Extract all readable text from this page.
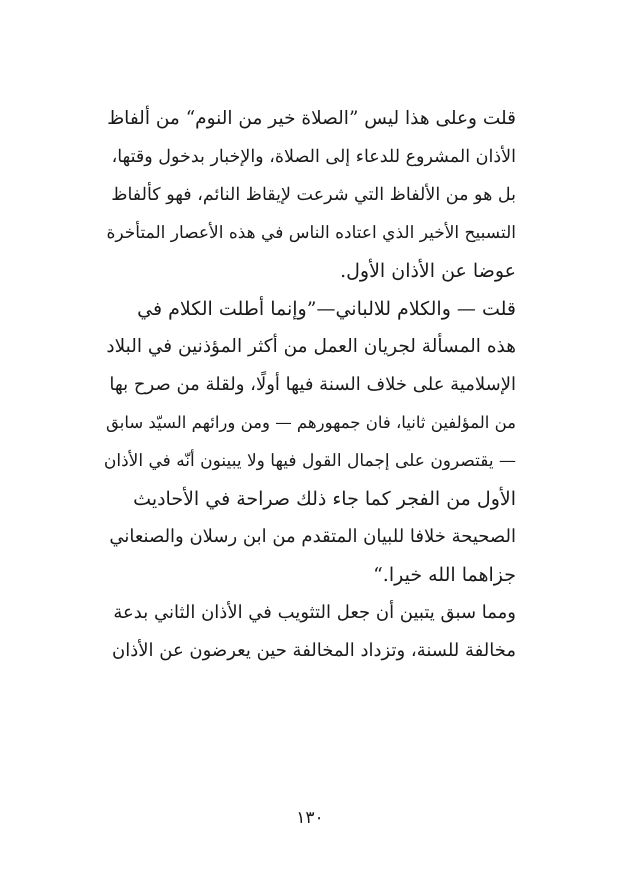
قلت وعلى هذا ليس ”الصلاة خير من النوم“ من ألفاظ
الأذان المشروع للدعاء إلى الصلاة، والإخبار بدخول وقتها،
بل هو من الألفاظ التي شرعت لإيقاظ النائم، فهو كألفاظ
التسبيح الأخير الذي اعتاده الناس في هذه الأعصار المتأخرة
عوضا عن الأذان الأول.
قلت — والكلام للالباني—”وإنما أطلت الكلام في
هذه المسألة لجريان العمل من أكثر المؤذنين في البلاد
الإسلامية على خلاف السنة فيها أولًا، ولقلة من صرح بها
من المؤلفين ثانيا، فان جمهورهم — ومن ورائهم السيّد سابق
— يقتصرون على إجمال القول فيها ولا يبينون أنّه في الأذان
الأول من الفجر كما جاء ذلك صراحة في الأحاديث
الصحيحة خلافا للبيان المتقدم من ابن رسلان والصنعاني
جزاهما الله خيرا.“
ومما سبق يتبين أن جعل التثويب في الأذان الثاني بدعة
مخالفة للسنة، وتزداد المخالفة حين يعرضون عن الأذان
١٣٠
